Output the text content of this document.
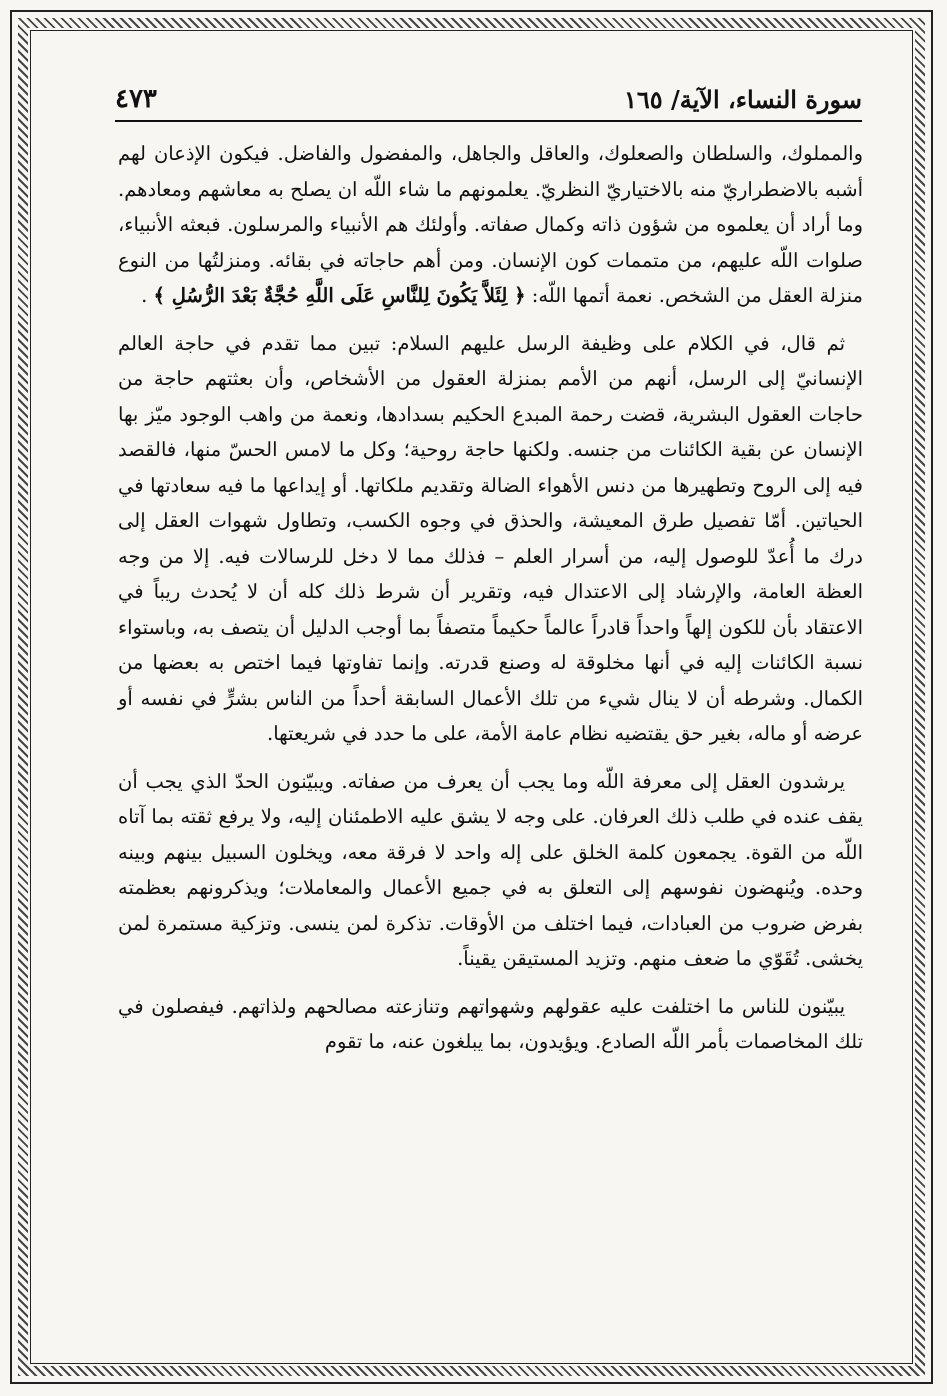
سورة النساء، الآية/ ١٦٥
٤٧٣

والمملوك، والسلطان والصعلوك، والعاقل والجاهل، والمفضول والفاضل. فيكون الإذعان لهم أشبه بالاضطراريّ منه بالاختياريّ النظريّ. يعلمونهم ما شاء اللّه ان يصلح به معاشهم ومعادهم. وما أراد أن يعلموه من شؤون ذاته وكمال صفاته. وأولئك هم الأنبياء والمرسلون. فبعثه الأنبياء، صلوات اللّه عليهم، من متممات كون الإنسان. ومن أهم حاجاته في بقائه. ومنزلتُها من النوع منزلة العقل من الشخص. نعمة أتمها اللّه: ﴿ لِئَلاَّ يَكُونَ لِلنَّاسِ عَلَى اللَّهِ حُجَّةٌ بَعْدَ الرُّسُلِ ﴾ .

ثم قال، في الكلام على وظيفة الرسل عليهم السلام: تبين مما تقدم في حاجة العالم الإنسانيّ إلى الرسل، أنهم من الأمم بمنزلة العقول من الأشخاص، وأن بعثتهم حاجة من حاجات العقول البشرية، قضت رحمة المبدع الحكيم بسدادها، ونعمة من واهب الوجود ميّز بها الإنسان عن بقية الكائنات من جنسه. ولكنها حاجة روحية؛ وكل ما لامس الحسّ منها، فالقصد فيه إلى الروح وتطهيرها من دنس الأهواء الضالة وتقديم ملكاتها. أو إيداعها ما فيه سعادتها في الحياتين. أمّا تفصيل طرق المعيشة، والحذق في وجوه الكسب، وتطاول شهوات العقل إلى درك ما أُعدّ للوصول إليه، من أسرار العلم – فذلك مما لا دخل للرسالات فيه. إلا من وجه العظة العامة، والإرشاد إلى الاعتدال فيه، وتقرير أن شرط ذلك كله أن لا يُحدث ريباً في الاعتقاد بأن للكون إلهاً واحداً قادراً عالماً حكيماً متصفاً بما أوجب الدليل أن يتصف به، وباستواء نسبة الكائنات إليه في أنها مخلوقة له وصنع قدرته. وإنما تفاوتها فيما اختص به بعضها من الكمال. وشرطه أن لا ينال شيء من تلك الأعمال السابقة أحداً من الناس بشرٍّ في نفسه أو عرضه أو ماله، بغير حق يقتضيه نظام عامة الأمة، على ما حدد في شريعتها.

يرشدون العقل إلى معرفة اللّه وما يجب أن يعرف من صفاته. ويبيّنون الحدّ الذي يجب أن يقف عنده في طلب ذلك العرفان. على وجه لا يشق عليه الاطمئنان إليه، ولا يرفع ثقته بما آتاه اللّه من القوة. يجمعون كلمة الخلق على إله واحد لا فرقة معه، ويخلون السبيل بينهم وبينه وحده. ويُنهضون نفوسهم إلى التعلق به في جميع الأعمال والمعاملات؛ ويذكرونهم بعظمته بفرض ضروب من العبادات، فيما اختلف من الأوقات. تذكرة لمن ينسى. وتزكية مستمرة لمن يخشى. تُقَوّي ما ضعف منهم. وتزيد المستيقن يقيناً.

يبيّنون للناس ما اختلفت عليه عقولهم وشهواتهم وتنازعته مصالحهم ولذاتهم. فيفصلون في تلك المخاصمات بأمر اللّه الصادع. ويؤيدون، بما يبلغون عنه، ما تقوم
